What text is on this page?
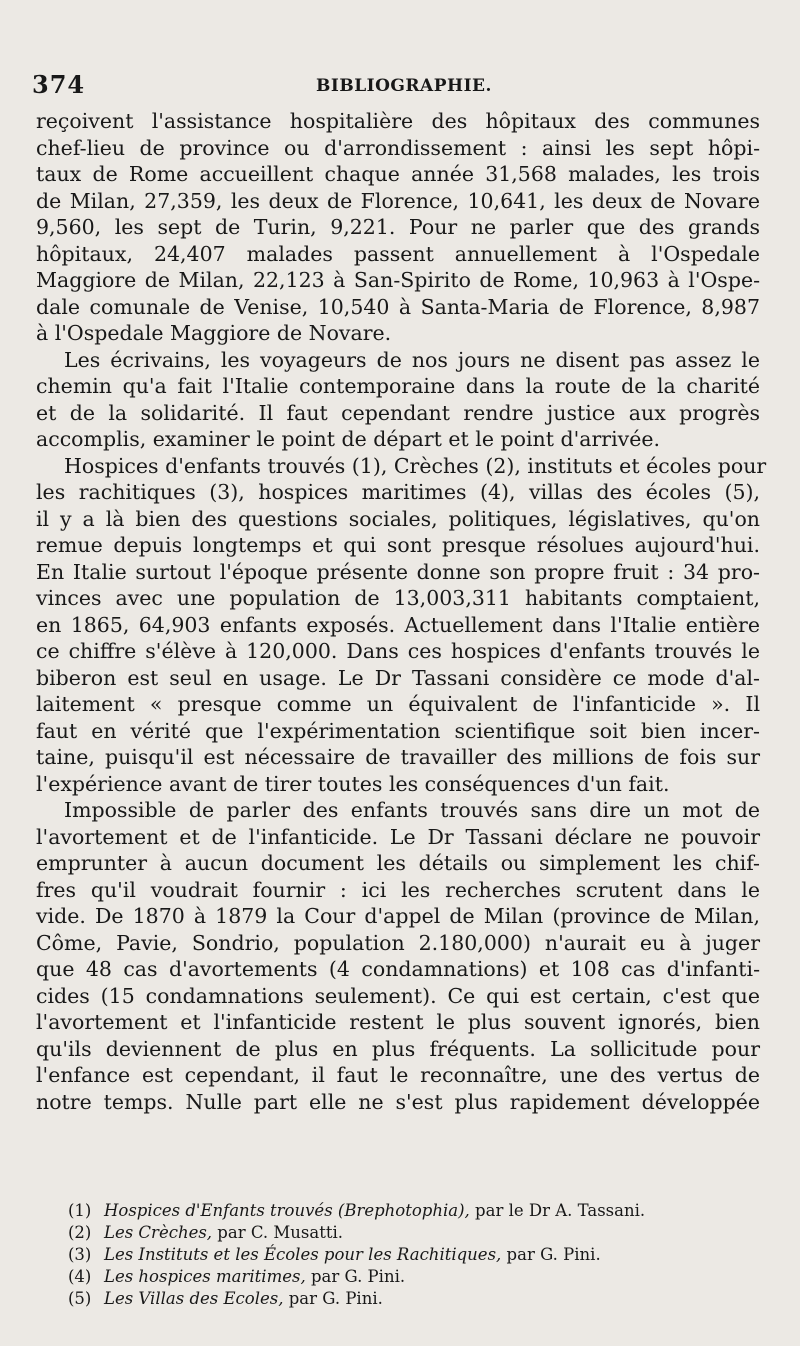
374	BIBLIOGRAPHIE.
reçoivent l'assistance hospitalière des hôpitaux des communes
chef-lieu de province ou d'arrondissement : ainsi les sept hôpi-
taux de Rome accueillent chaque année 31,568 malades, les trois
de Milan, 27,359, les deux de Florence, 10,641, les deux de Novare
9,560, les sept de Turin, 9,221. Pour ne parler que des grands
hôpitaux, 24,407 malades passent annuellement à l'Ospedale
Maggiore de Milan, 22,123 à San-Spirito de Rome, 10,963 à l'Ospe-
dale comunale de Venise, 10,540 à Santa-Maria de Florence, 8,987
à l'Ospedale Maggiore de Novare.
Les écrivains, les voyageurs de nos jours ne disent pas assez le
chemin qu'a fait l'Italie contemporaine dans la route de la charité
et de la solidarité. Il faut cependant rendre justice aux progrès
accomplis, examiner le point de départ et le point d'arrivée.
Hospices d'enfants trouvés (1), Crèches (2), instituts et écoles pour
les rachitiques (3), hospices maritimes (4), villas des écoles (5),
il y a là bien des questions sociales, politiques, législatives, qu'on
remue depuis longtemps et qui sont presque résolues aujourd'hui.
En Italie surtout l'époque présente donne son propre fruit : 34 pro-
vinces avec une population de 13,003,311 habitants comptaient,
en 1865, 64,903 enfants exposés. Actuellement dans l'Italie entière
ce chiffre s'élève à 120,000. Dans ces hospices d'enfants trouvés le
biberon est seul en usage. Le Dr Tassani considère ce mode d'al-
laitement « presque comme un équivalent de l'infanticide ». Il
faut en vérité que l'expérimentation scientifique soit bien incer-
taine, puisqu'il est nécessaire de travailler des millions de fois sur
l'expérience avant de tirer toutes les conséquences d'un fait.
Impossible de parler des enfants trouvés sans dire un mot de
l'avortement et de l'infanticide. Le Dr Tassani déclare ne pouvoir
emprunter à aucun document les détails ou simplement les chif-
fres qu'il voudrait fournir : ici les recherches scrutent dans le
vide. De 1870 à 1879 la Cour d'appel de Milan (province de Milan,
Côme, Pavie, Sondrio, population 2.180,000) n'aurait eu à juger
que 48 cas d'avortements (4 condamnations) et 108 cas d'infanti-
cides (15 condamnations seulement). Ce qui est certain, c'est que
l'avortement et l'infanticide restent le plus souvent ignorés, bien
qu'ils deviennent de plus en plus fréquents. La sollicitude pour
l'enfance est cependant, il faut le reconnaître, une des vertus de
notre temps. Nulle part elle ne s'est plus rapidement développée
(1) Hospices d'Enfants trouvés (Brephotophia), par le Dr A. Tassani.
(2) Les Crèches, par C. Musatti.
(3) Les Instituts et les Écoles pour les Rachitiques, par G. Pini.
(4) Les hospices maritimes, par G. Pini.
(5) Les Villas des Ecoles, par G. Pini.
